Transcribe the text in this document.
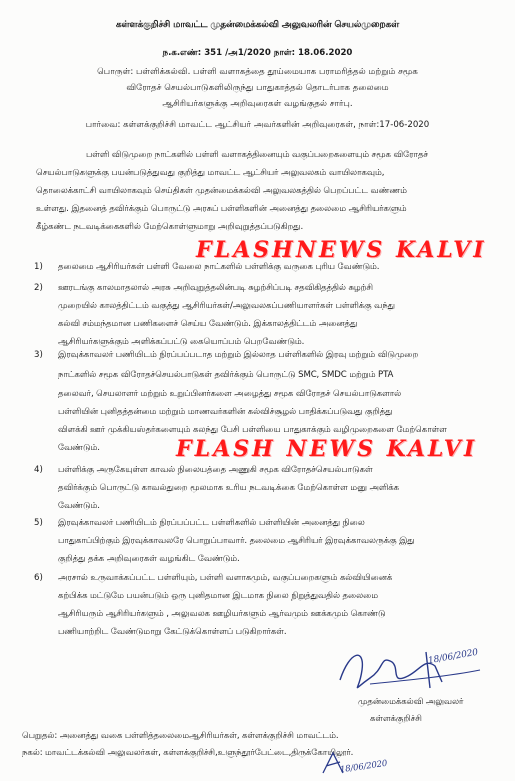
கள்ளக்குறிச்சி மாவட்ட முதன்மைக்கல்வி அலுவலரின் செயல்முறைகள்
ந.க.எண்: 351 /அ1/2020 நாள்: 18.06.2020
பொருள்: பள்ளிக்கல்வி. பள்ளி வளாகத்தை தூய்மையாக பராமரித்தல் மற்றும் சமூக
விரோதச் செயல்பாடுகளிலிருந்து பாதுகாத்தல் தொடர்பாக தலைமை
ஆசிரியர்களுக்கு அறிவுரைகள் வழங்குதல் சார்பு.
பார்வை: கள்ளக்குறிச்சி மாவட்ட ஆட்சியர் அவர்களின் அறிவுரைகள், நாள்:17-06-2020
பள்ளி விடுமுறை நாட்களில் பள்ளி வளாகத்தினையும் வகுப்பறைகளையும் சமூக விரோதச்
செயல்பாடுகளுக்கு பயன்படுத்துவது குறித்து மாவட்ட ஆட்சியர் அலுவலகம் வாயிலாகவும்,
தொலைக்காட்சி வாயிலாகவும் செய்திகள் முதன்மைக்கல்வி அலுவலகத்தில் பெறப்பட்ட வண்ணம்
உள்ளது. இதனைத் தவிர்க்கும் பொருட்டு அரசுப் பள்ளிகளின் அனைத்து தலைமை ஆசிரியர்களும்
கீழ்கண்ட நடவடிக்கைகளில் மேற்கொள்ளுமாறு அறிவுறுத்தப்படுகிறது.
FLASHNEWS KALVI
1) தலைமை ஆசிரியர்கள் பள்ளி வேலை நாட்களில் பள்ளிக்கு வருகை புரிய வேண்டும்.
2) ஊரடங்கு காலமாதலால் அரசு அறிவுறுத்தலின்படி சுழற்சிப்படி சதவிகிதத்தில் சுழற்சி
முறையில் காலத்திட்டம் வகுத்து ஆசிரியர்கள்/அலுவலகப்பணியாளர்கள் பள்ளிக்கு வந்து
கல்வி சம்மந்தமான பணிகளைச் செய்ய வேண்டும். இக்காலத்திட்டம் அனைத்து
ஆசிரியர்களுக்கும் அளிக்கப்பட்டு கையொப்பம் பெறவேண்டும்.
3) இரவுக்காவலர் பணியிடம் நிரப்பப்படாத மற்றும் இல்லாத பள்ளிகளில் இரவு மற்றும் விடுமுறை
நாட்களில் சமூக விரோதச்செயல்பாடுகள் தவிர்க்கும் பொருட்டு SMC, SMDC மற்றும் PTA
தலைவர், செயலாளர் மற்றும் உறுப்பினர்களை அழைத்து சமூக விரோதச் செயல்பாடுகளால்
பள்ளியின் புனிதத்தன்மை மற்றும் மாணவர்களின் கல்விச்சூழல் பாதிக்கப்படுவது குறித்து
விளக்கி ஊர் முக்கியஸ்தர்களையும் கலந்து பேசி பள்ளியை பாதுகாக்கும் வழிமுறைகளை மேற்கொள்ள
வேண்டும்.	FLASH NEWS KALVI
4) பள்ளிக்கு அருகேயுள்ள காவல் நிலையத்தை அணுகி சமூக விரோதச்செயல்பாடுகள்
தவிர்க்கும் பொருட்டு காவல்துறை மூலமாக உரிய நடவடிக்கை மேற்கொள்ள மனு அளிக்க
வேண்டும்.
5) இரவுக்காவலர் பணியிடம் நிரப்பப்பட்ட பள்ளிகளில் பள்ளியின் அனைத்து நிலை
பாதுகாப்பிற்கும் இரவுக்காவலரே பொறுப்பாவார். தலைமை ஆசிரியர் இரவுக்காவலருக்கு இது
குறித்து தக்க அறிவுரைகள் வழங்கிட வேண்டும்.
6) அரசால் உருவாக்கப்பட்ட பள்ளியும், பள்ளி வளாகமும், வகுப்பறைகளும் கல்வியினைக்
கற்பிக்க மட்டுமே பயன்படும் ஒரு புனிதமான இடமாக நிலை நிறுத்துவதில் தலைமை
ஆசிரியரும் ஆசிரியர்களும் , அலுவலக ஊழியர்களும் ஆர்வமும் ஊக்கமும் கொண்டு
பணியாற்றிட வேண்டுமாறு கேட்டுக்கொள்ளப் படுகிறார்கள்.
18/06/2020
முதன்மைக்கல்வி அலுவலர்
கள்ளக்குறிச்சி
பெறுதல்: அனைத்து வகை பள்ளித்தலைமைஆசிரியர்கள், கள்ளக்குறிச்சி மாவட்டம்.
நகல்: மாவட்டக்கல்வி அலுவலர்கள், கள்ளக்குறிச்சி,உளுந்தூர்பேட்டை,திருக்கோயிலூர்.
18/06/2020
